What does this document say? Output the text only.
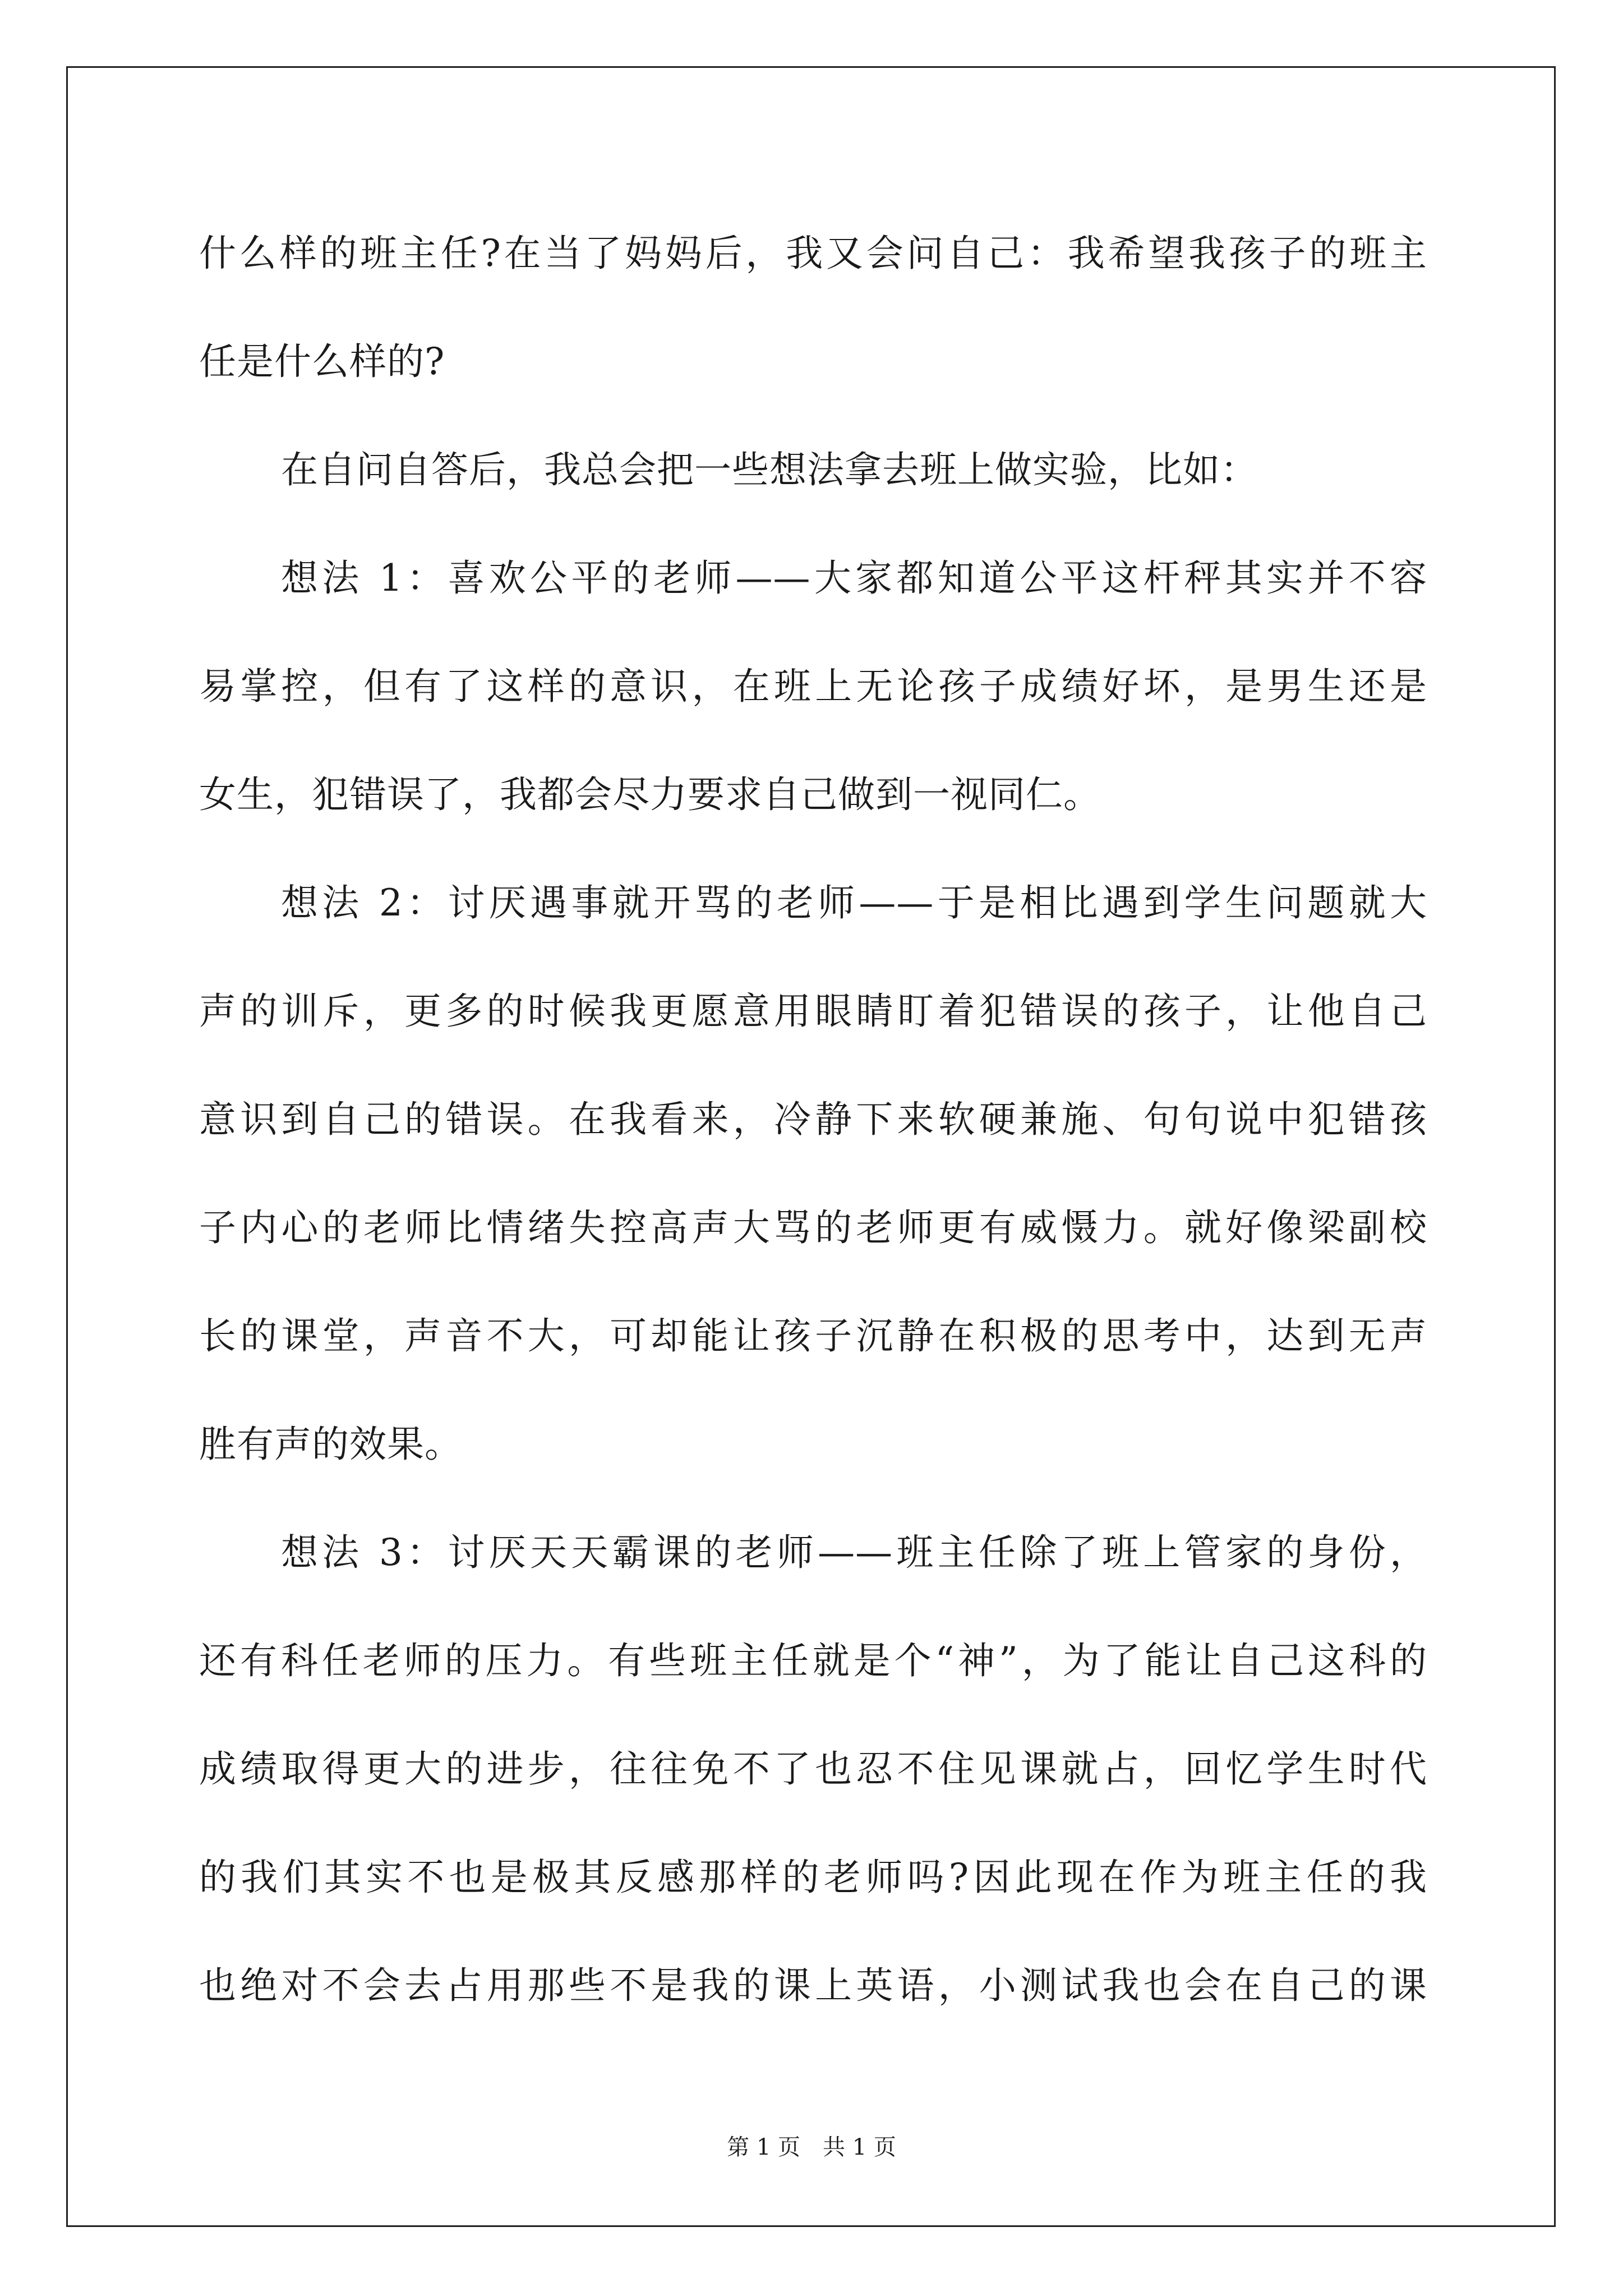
什么样的班主任?在当了妈妈后，我又会问自己：我希望我孩子的班主
任是什么样的?
在自问自答后，我总会把一些想法拿去班上做实验，比如：
想法 1：喜欢公平的老师——大家都知道公平这杆秤其实并不容
易掌控，但有了这样的意识，在班上无论孩子成绩好坏，是男生还是
女生，犯错误了，我都会尽力要求自己做到一视同仁。
想法 2：讨厌遇事就开骂的老师——于是相比遇到学生问题就大
声的训斥，更多的时候我更愿意用眼睛盯着犯错误的孩子，让他自己
意识到自己的错误。在我看来，冷静下来软硬兼施、句句说中犯错孩
子内心的老师比情绪失控高声大骂的老师更有威慑力。就好像梁副校
长的课堂，声音不大，可却能让孩子沉静在积极的思考中，达到无声
胜有声的效果。
想法 3：讨厌天天霸课的老师——班主任除了班上管家的身份，
还有科任老师的压力。有些班主任就是个“神”，为了能让自己这科的
成绩取得更大的进步，往往免不了也忍不住见课就占，回忆学生时代
的我们其实不也是极其反感那样的老师吗?因此现在作为班主任的我
也绝对不会去占用那些不是我的课上英语，小测试我也会在自己的课
第 1 页　共 1 页
